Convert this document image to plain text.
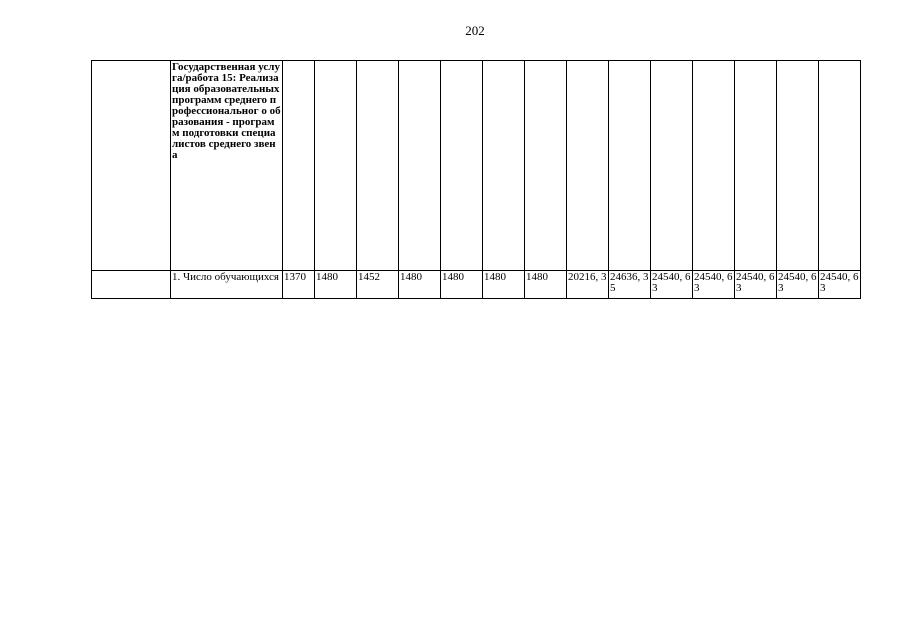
202
	Государственная услуга/работа 15: Реализация образовательных программ среднего профессиональног о образования - программ подготовки специалистов среднего звена														
	1. Число обучающихся	1370	1480	1452	1480	1480	1480	1480	20216, 3	24636, 35	24540, 63	24540, 63	24540, 63	24540, 63	24540, 63
